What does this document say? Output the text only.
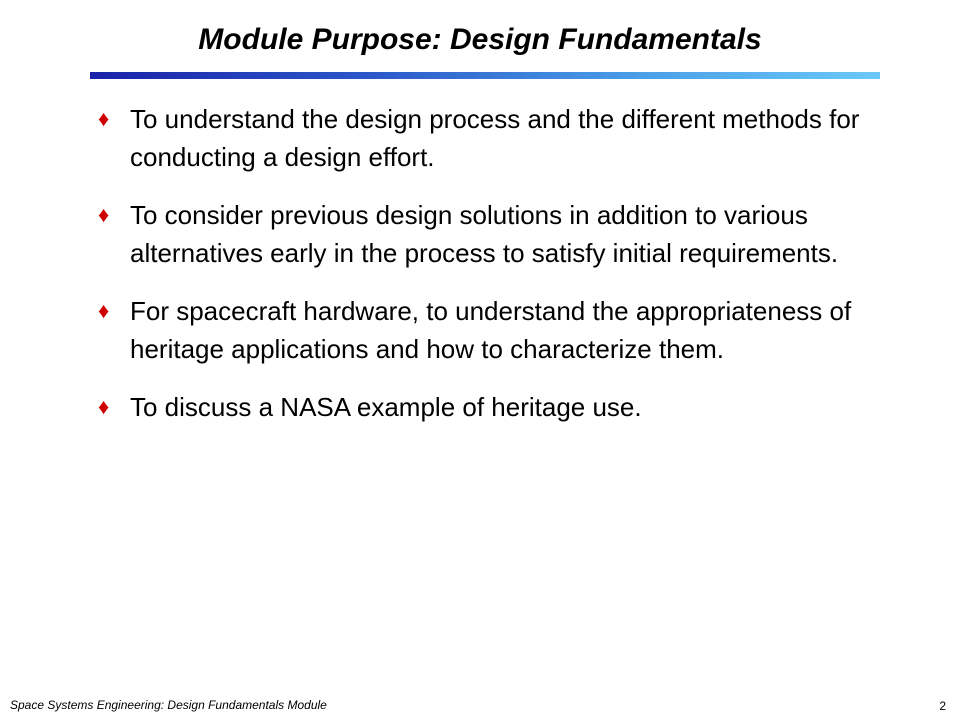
Module Purpose: Design Fundamentals
♦ To understand the design process and the different methods for conducting a design effort.
♦ To consider previous design solutions in addition to various alternatives early in the process to satisfy initial requirements.
♦ For spacecraft hardware, to understand the appropriateness of heritage applications and how to characterize them.
♦ To discuss a NASA example of heritage use.
Space Systems Engineering: Design Fundamentals Module	2
